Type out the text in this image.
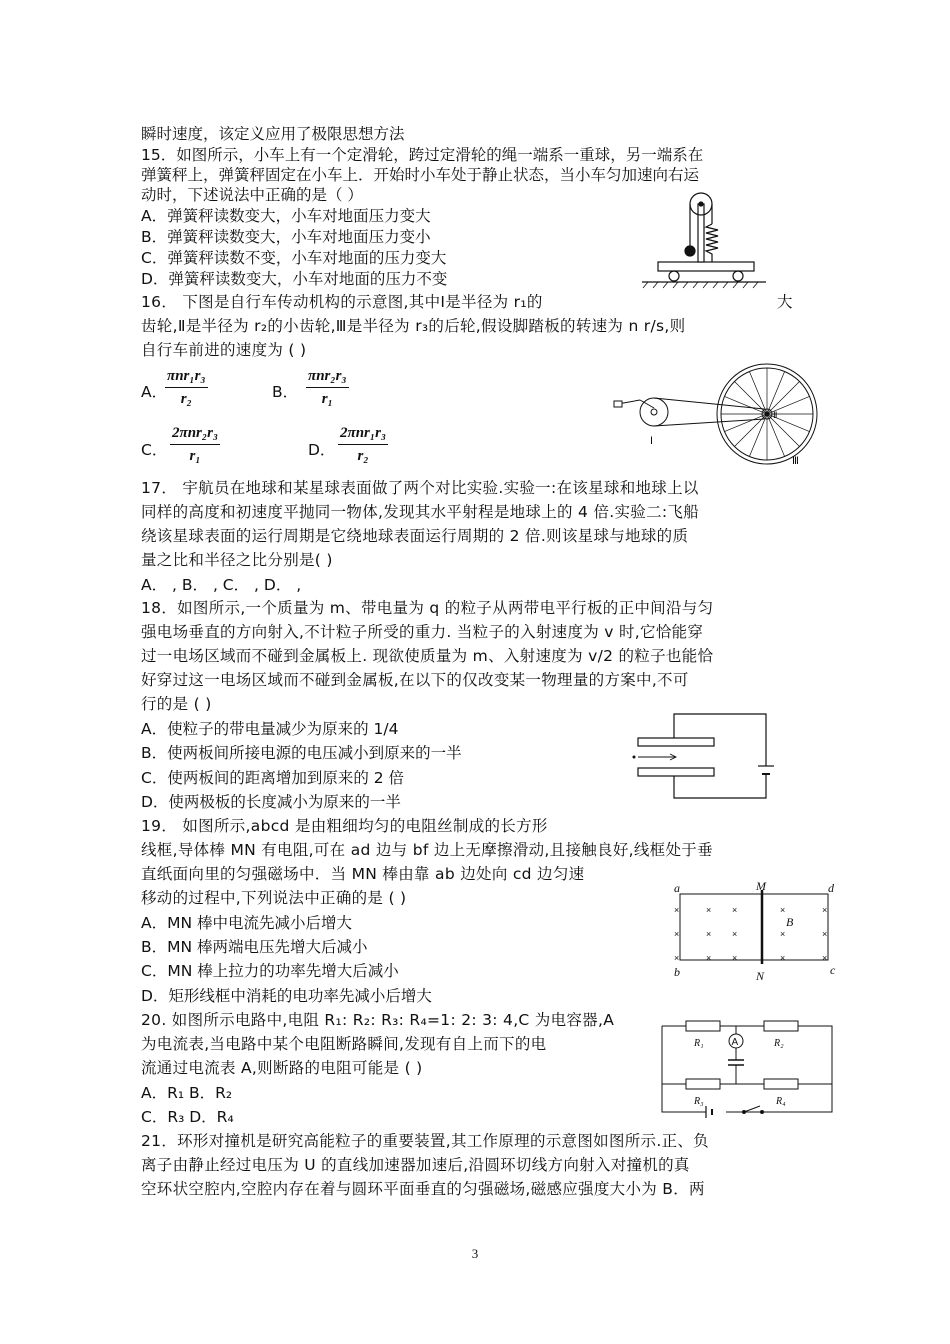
瞬时速度，该定义应用了极限思想方法
15．如图所示，小车上有一个定滑轮，跨过定滑轮的绳一端系一重球，另一端系在
弹簧秤上，弹簧秤固定在小车上．开始时小车处于静止状态，当小车匀加速向右运
动时，下述说法中正确的是（ ）
A．弹簧秤读数变大，小车对地面压力变大
B．弹簧秤读数变大，小车对地面压力变小
C．弹簧秤读数不变，小车对地面的压力变大
D．弹簧秤读数变大，小车对地面的压力不变
16． 下图是自行车传动机构的示意图,其中Ⅰ是半径为 r₁的	大
齿轮,Ⅱ是半径为 r₂的小齿轮,Ⅲ是半径为 r₃的后轮,假设脚踏板的转速为 n r/s,则
自行车前进的速度为 ( )
A．
πnr₁r₃
r₂	B．
πnr₂r₃
r₁
C．
2πnr₂r₃
r₁	D．
2πnr₁r₃
r₂
17． 宇航员在地球和某星球表面做了两个对比实验.实验一:在该星球和地球上以
同样的高度和初速度平抛同一物体,发现其水平射程是地球上的 4 倍.实验二:飞船
绕该星球表面的运行周期是它绕地球表面运行周期的 2 倍.则该星球与地球的质
量之比和半径之比分别是( )
A． , B． , C． , D． ,
18．如图所示,一个质量为 m、带电量为 q 的粒子从两带电平行板的正中间沿与匀
强电场垂直的方向射入,不计粒子所受的重力. 当粒子的入射速度为 v 时,它恰能穿
过一电场区域而不碰到金属板上. 现欲使质量为 m、入射速度为 v/2 的粒子也能恰
好穿过这一电场区域而不碰到金属板,在以下的仅改变某一物理量的方案中,不可
行的是 ( )
A．使粒子的带电量减少为原来的 1/4
B．使两板间所接电源的电压减小到原来的一半
C．使两板间的距离增加到原来的 2 倍
D．使两极板的长度减小为原来的一半
19． 如图所示,abcd 是由粗细均匀的电阻丝制成的长方形
线框,导体棒 MN 有电阻,可在 ad 边与 bf 边上无摩擦滑动,且接触良好,线框处于垂
直纸面向里的匀强磁场中．当 MN 棒由靠 ab 边处向 cd 边匀速
移动的过程中,下列说法中正确的是 ( )
A．MN 棒中电流先减小后增大
B．MN 棒两端电压先增大后减小
C．MN 棒上拉力的功率先增大后减小
D．矩形线框中消耗的电功率先减小后增大
20. 如图所示电路中,电阻 R₁: R₂: R₃: R₄=1: 2: 3: 4,C 为电容器,A
为电流表,当电路中某个电阻断路瞬间,发现有自上而下的电
流通过电流表 A,则断路的电阻可能是 ( )
A．R₁ B．R₂
C．R₃ D．R₄
21．环形对撞机是研究高能粒子的重要装置,其工作原理的示意图如图所示.正、负
离子由静止经过电压为 U 的直线加速器加速后,沿圆环切线方向射入对撞机的真
空环状空腔内,空腔内存在着与圆环平面垂直的匀强磁场,磁感应强度大小为 B．两
Ⅰ
Ⅱ
Ⅲ
×	× ×	×	×
×	× ×	×	×
×	× ×	×	×
a
b	c
d
M
N
B
R₁	R₂
R₃	R₄
A
3
